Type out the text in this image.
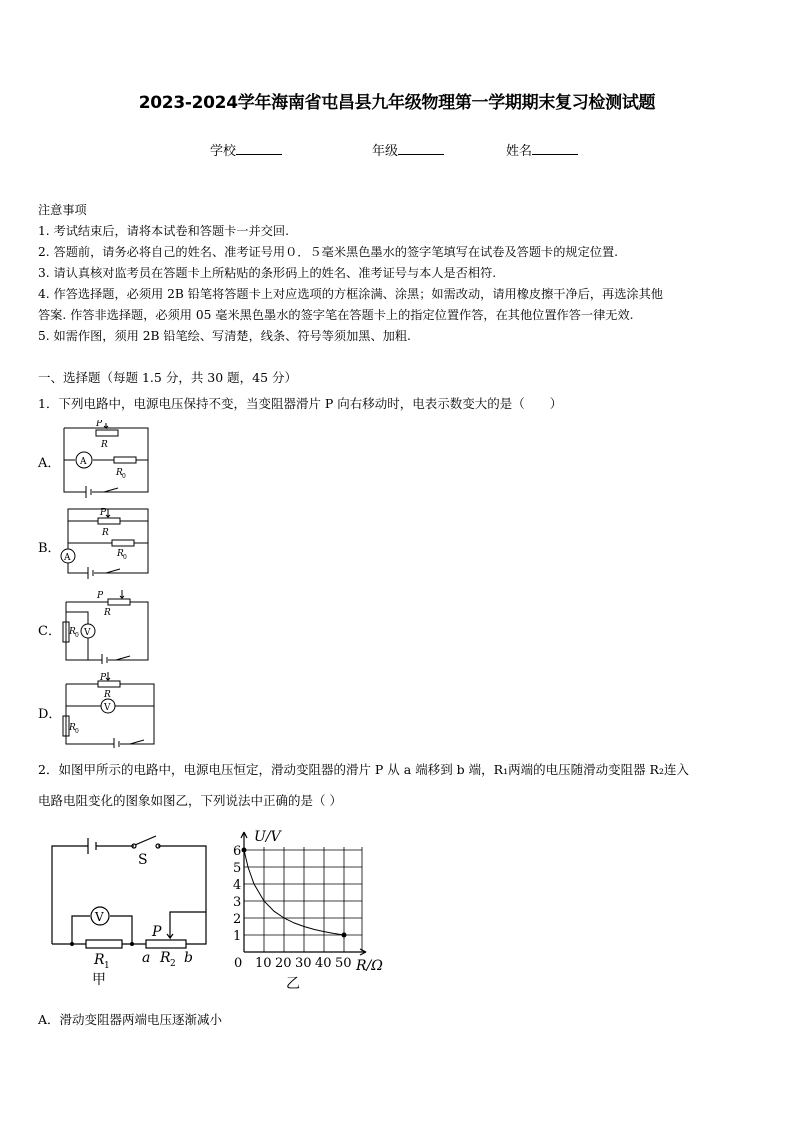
2023-2024学年海南省屯昌县九年级物理第一学期期末复习检测试题
学校	年级	姓名
注意事项
1. 考试结束后，请将本试卷和答题卡一并交回.
2. 答题前，请务必将自己的姓名、准考证号用０．５毫米黑色墨水的签字笔填写在试卷及答题卡的规定位置.
3. 请认真核对监考员在答题卡上所粘贴的条形码上的姓名、准考证号与本人是否相符.
4. 作答选择题，必须用 2B 铅笔将答题卡上对应选项的方框涂满、涂黑；如需改动，请用橡皮擦干净后，再选涂其他
答案. 作答非选择题，必须用 05 毫米黑色墨水的签字笔在答题卡上的指定位置作答，在其他位置作答一律无效.
5. 如需作图，须用 2B 铅笔绘、写清楚，线条、符号等须加黑、加粗.
一、选择题（每题 1.5 分，共 30 题，45 分）
1．下列电路中，电源电压保持不变，当变阻器滑片 P 向右移动时，电表示数变大的是（　　）
A．
B．
C．
D．
P
R
R 0
A
P
R
R 0
A
P
R
R 0 V
P
R
R 0
V
2．如图甲所示的电路中，电源电压恒定，滑动变阻器的滑片 P 从 a 端移到 b 端，R₁两端的电压随滑动变阻器 R₂连入
电路电阻变化的图象如图乙，下列说法中正确的是（ ）
S
V
P
R 1 a R 2 b
甲
0 10 20 30 40 50
1
2
3
4
5
6
U/V
R/Ω
乙
A．滑动变阻器两端电压逐渐减小
